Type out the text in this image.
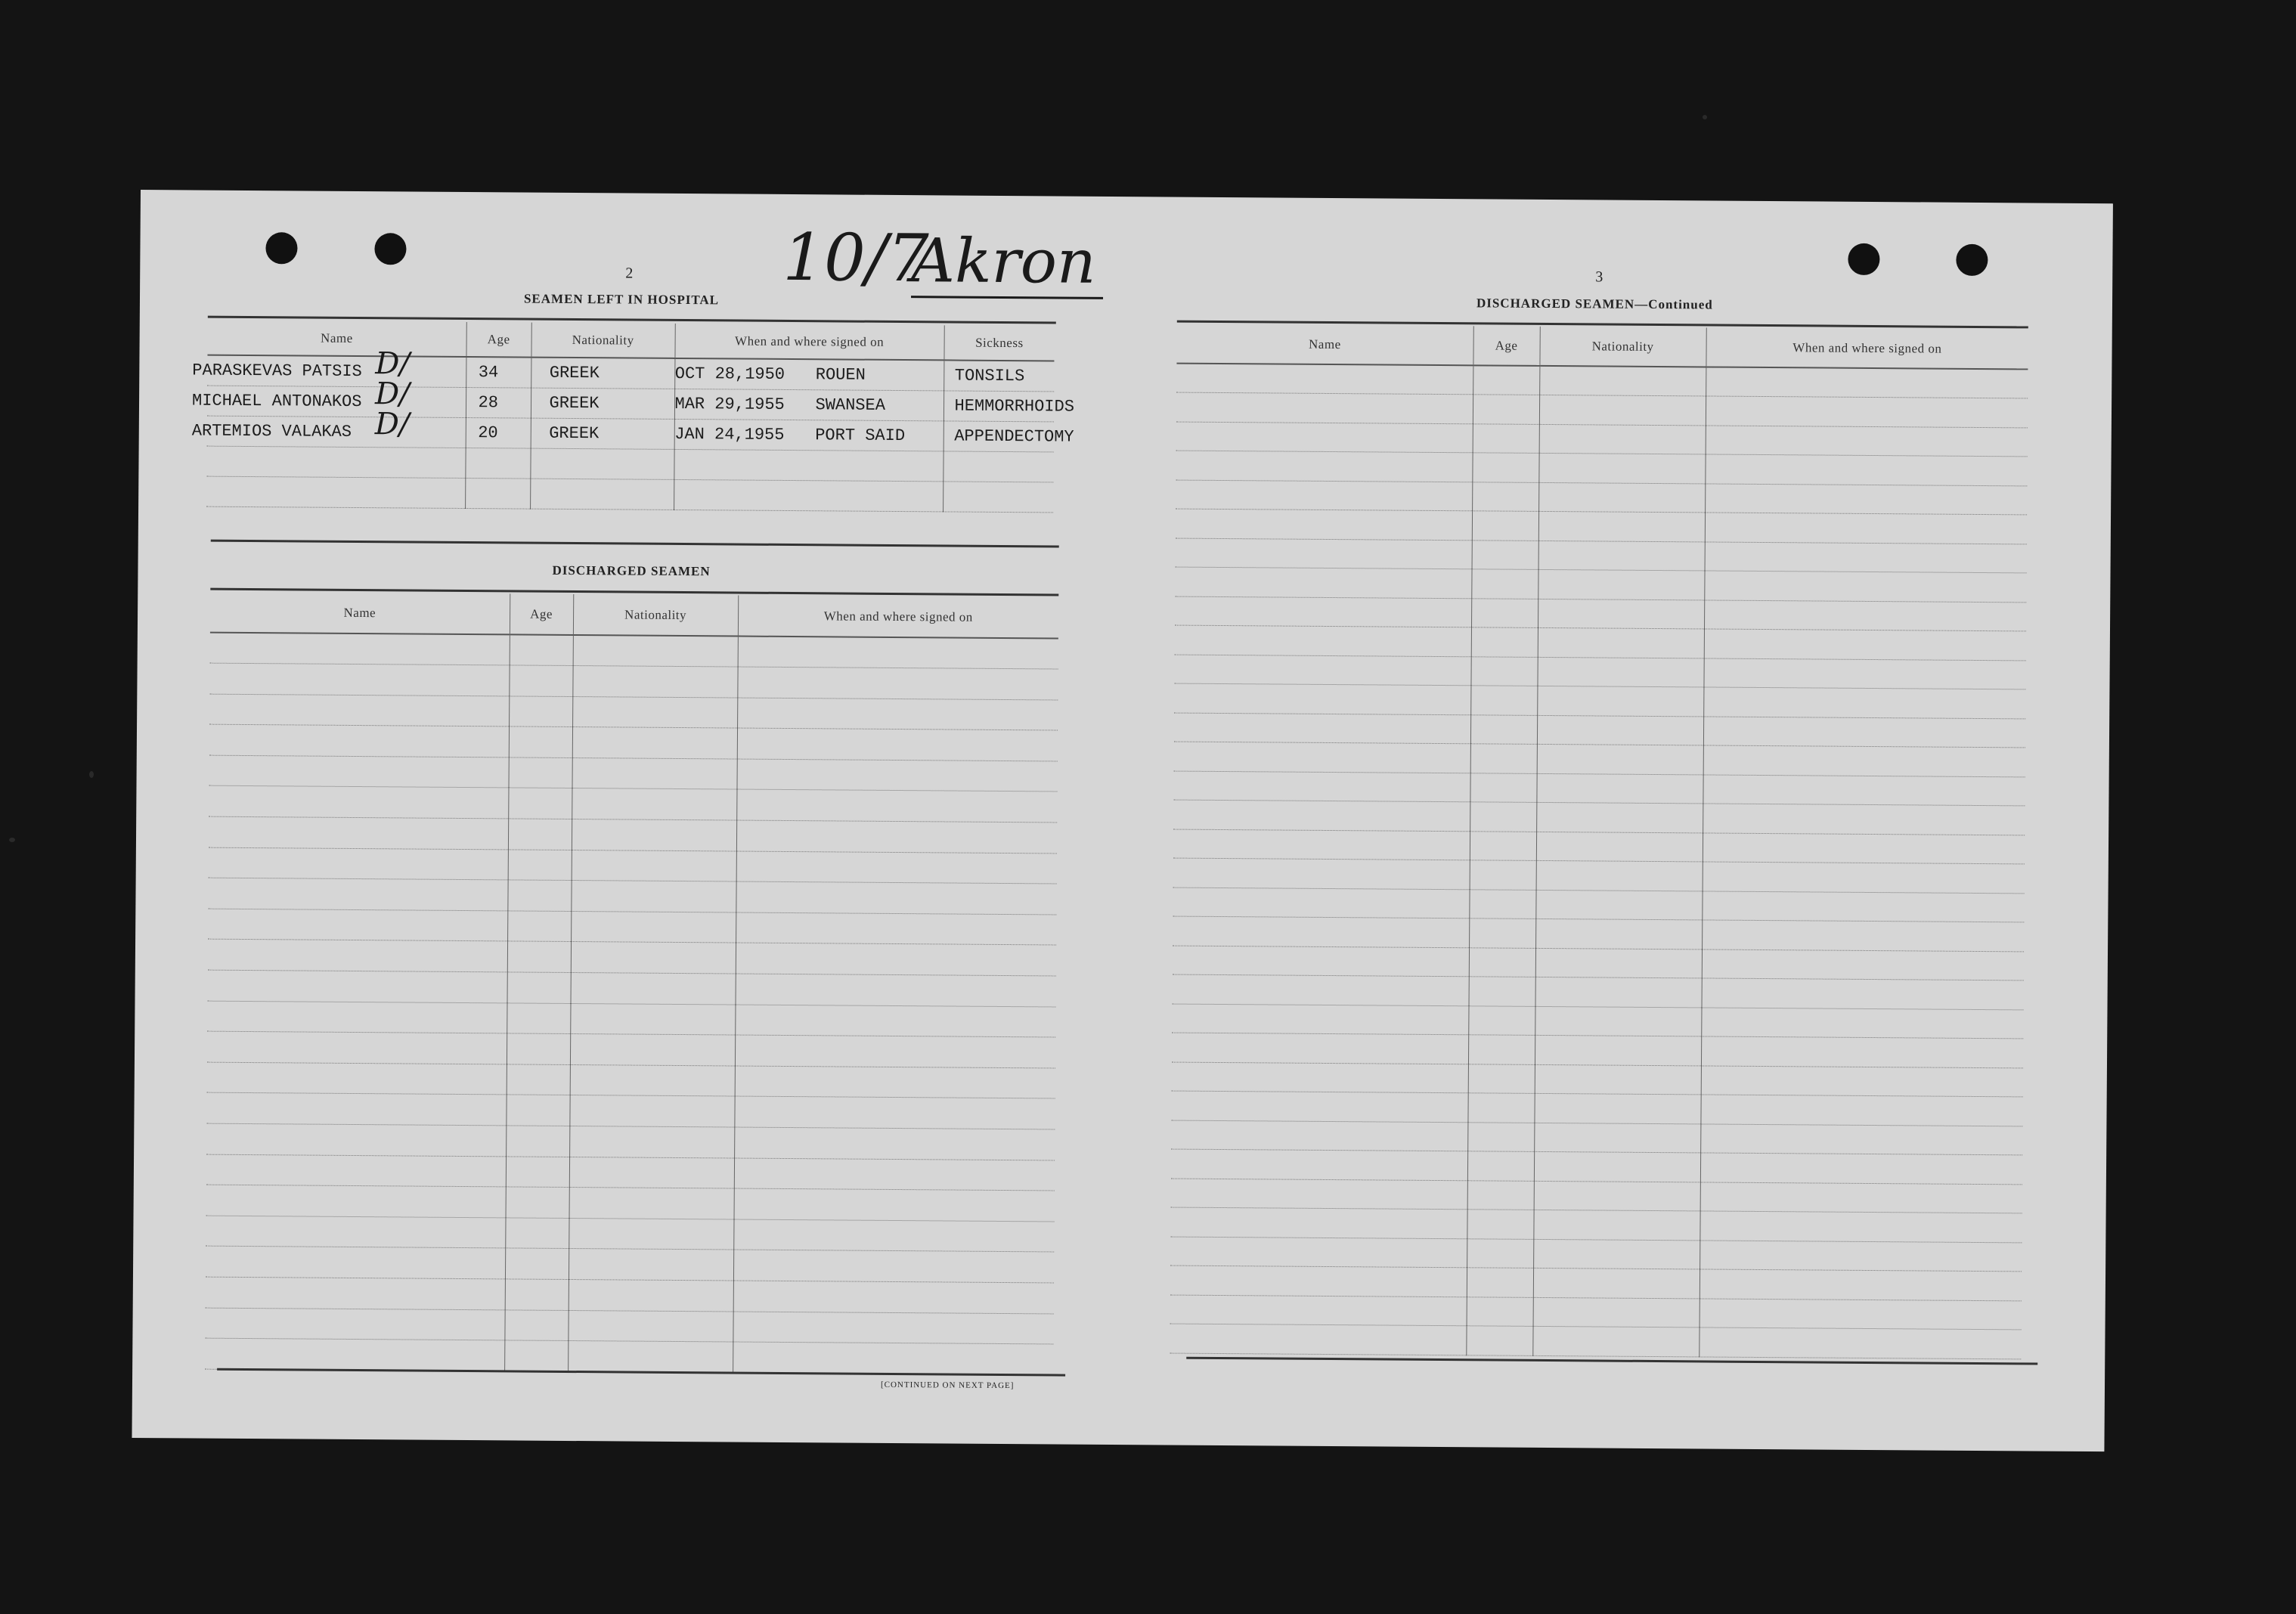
10/7
Akron
2
SEAMEN LEFT IN HOSPITAL
Name	Age	Nationality	When and where signed on	Sickness
PARASKEVAS PATSIS D/	34	GREEK	OCT 28,1950 ROUEN	TONSILS
MICHAEL ANTONAKOS D/	28	GREEK	MAR 29,1955 SWANSEA	HEMMORRHOIDS
ARTEMIOS VALAKAS D/	20	GREEK	JAN 24,1955 PORT SAID	APPENDECTOMY

DISCHARGED SEAMEN
Name	Age	Nationality	When and where signed on

[CONTINUED ON NEXT PAGE]
3
DISCHARGED SEAMEN—Continued
Name	Age	Nationality	When and where signed on
